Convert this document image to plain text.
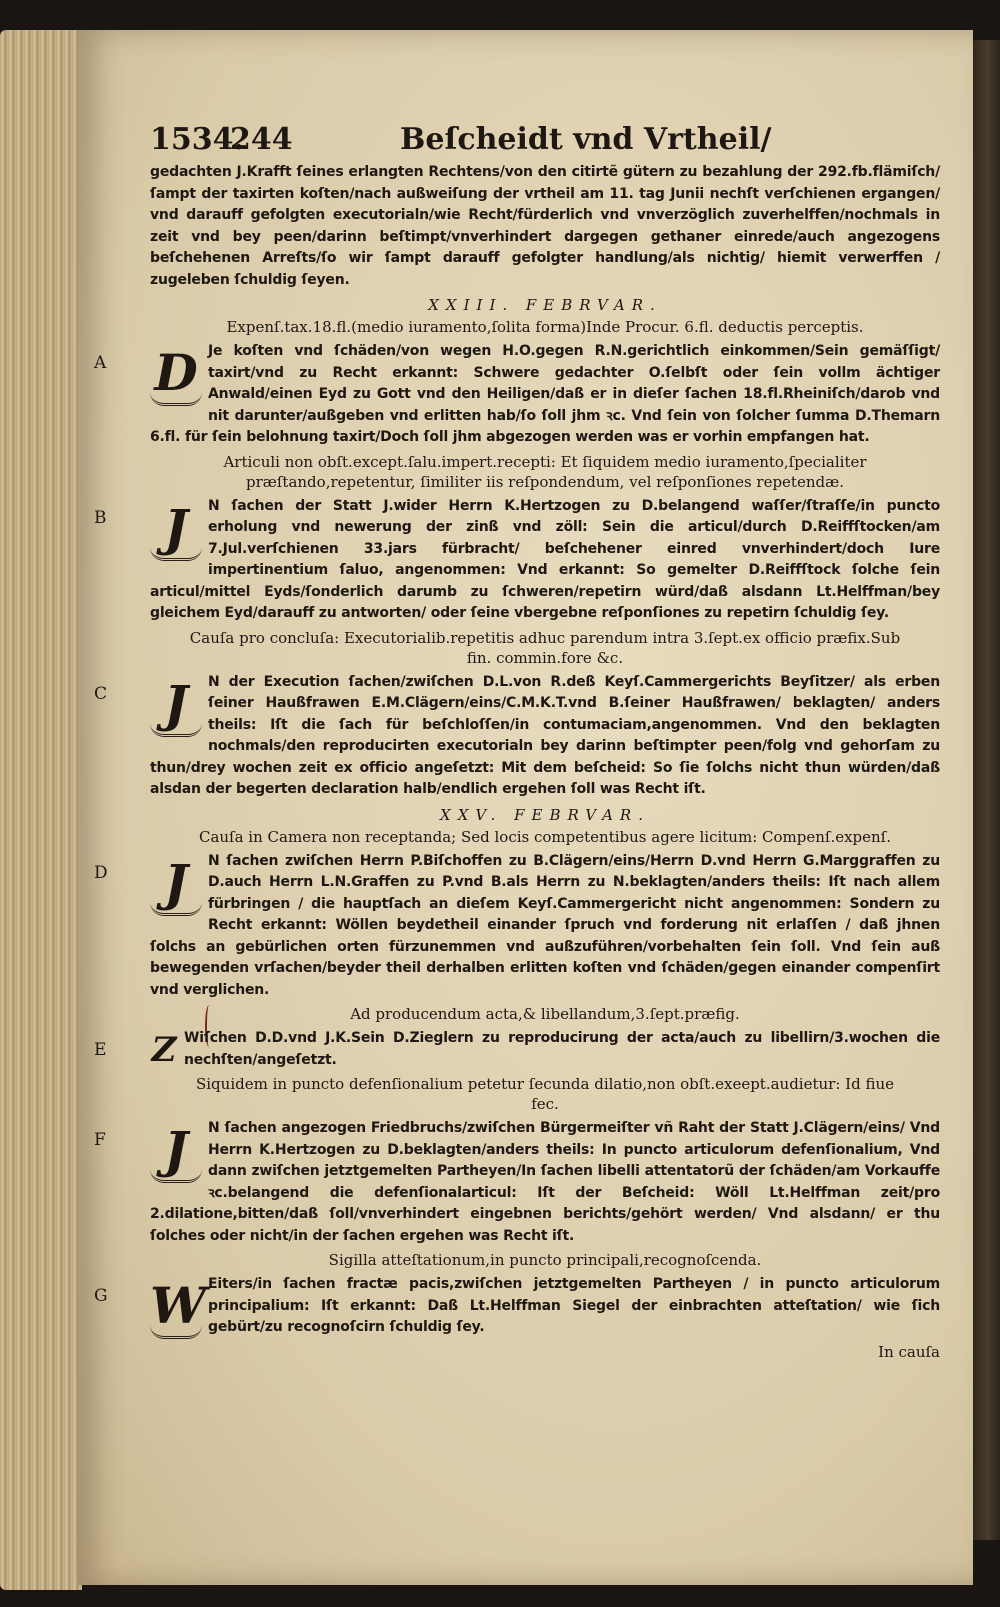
1534.
244	Beſcheidt vnd Vrtheil/

gedachten J.Krafft ſeines erlangten Rechtens/von den citirtẽ gütern zu bezahlung der 292.fb.flämiſch/ ſampt der taxirten koſten/nach außweiſung der vrtheil am 11. tag Junii nechſt verſchienen ergangen/ vnd darauff gefolgten executorialn/wie Recht/fürderlich vnd vnverzöglich zuverhelffen/nochmals in zeit vnd bey peen/darinn beſtimpt/vnverhindert dargegen gethaner einrede/auch angezogens beſchehenen Arreſts/ſo wir ſampt darauff gefolgter handlung/als nichtig/ hiemit verwerffen / zugeleben ſchuldig ſeyen.

XXIII. FEBRVAR.
Expenſ.tax.18.fl.(medio iuramento,ſolita forma)Inde Procur. 6.fl. deductis perceptis.
A D Je koſten vnd ſchäden/von wegen H.O.gegen R.N.gerichtlich einkommen/Sein gemäſſigt/ taxirt/vnd zu Recht erkannt: Schwere gedachter O.ſelbſt oder ſein vollm ächtiger Anwald/einen Eyd zu Gott vnd den Heiligen/daß er in dieſer ſachen 18.fl.Rheiniſch/darob vnd nit darunter/außgeben vnd erlitten hab/ſo ſoll jhm ꝛc. Vnd ſein von ſolcher ſumma D.Themarn 6.fl. für ſein belohnung taxirt/Doch ſoll jhm abgezogen werden was er vorhin empfangen hat.

Articuli non obſt.except.ſalu.impert.recepti: Et ſiquidem medio iuramento,ſpecialiter præſtando,repetentur, ſimiliter iis reſpondendum, vel reſponſiones repetendæ.
B J	N ſachen der Statt J.wider Herrn K.Hertzogen zu D.belangend waſſer/ſtraſſe/in puncto erholung vnd newerung der zinß vnd zöll: Sein die articul/durch D.Reiffſtocken/am 7.Jul.verſchienen 33.jars fürbracht/ beſchehener einred vnverhindert/doch Iure impertinentium ſaluo, angenommen: Vnd erkannt: So gemelter D.Reiffſtock ſolche ſein articul/mittel Eyds/ſonderlich darumb zu ſchweren/repetirn würd/daß alsdann Lt.Helffman/bey gleichem Eyd/darauff zu antworten/ oder ſeine vbergebne reſponſiones zu repetirn ſchuldig ſey.

Cauſa pro concluſa: Executorialib.repetitis adhuc parendum intra 3.ſept.ex officio præfix.Sub fin. commin.fore &c.
C J	N der Execution ſachen/zwiſchen D.L.von R.deß Keyſ.Cammergerichts Beyſitzer/ als erben ſeiner Haußfrawen E.M.Clägern/eins/C.M.K.T.vnd B.ſeiner Haußfrawen/ beklagten/ anders theils: Iſt die ſach für beſchloſſen/in contumaciam,angenommen. Vnd den beklagten nochmals/den reproducirten executorialn bey darinn beſtimpter peen/folg vnd gehorſam zu thun/drey wochen zeit ex officio angeſetzt: Mit dem beſcheid: So ſie ſolchs nicht thun würden/daß alsdan der begerten declaration halb/endlich ergehen ſoll was Recht iſt.

XXV. FEBRVAR.
Cauſa in Camera non receptanda; Sed locis competentibus agere licitum: Compenſ.expenſ.
D J	N ſachen zwiſchen Herrn P.Biſchoffen zu B.Clägern/eins/Herrn D.vnd Herrn G.Marggraffen zu D.auch Herrn L.N.Graffen zu P.vnd B.als Herrn zu N.beklagten/anders theils: Iſt nach allem fürbringen / die hauptſach an dieſem Keyſ.Cammergericht nicht angenommen: Sondern zu Recht erkannt: Wöllen beydetheil einander ſpruch vnd forderung nit erlaſſen / daß jhnen ſolchs an gebürlichen orten fürzunemmen vnd außzuführen/vorbehalten ſein ſoll. Vnd ſein auß bewegenden vrſachen/beyder theil derhalben erlitten koſten vnd ſchäden/gegen einander compenſirt vnd verglichen.

Ad producendum acta,& libellandum,3.ſept.præfig.
E Z Wiſchen D.D.vnd J.K.Sein D.Zieglern zu reproducirung der acta/auch zu libellirn/3.wochen die nechſten/angeſetzt.

Siquidem in puncto defenſionalium petetur ſecunda dilatio,non obſt.exeept.audietur: Id fiue fec.
F J	N ſachen angezogen Friedbruchs/zwiſchen Bürgermeiſter vñ Raht der Statt J.Clägern/eins/ Vnd Herrn K.Hertzogen zu D.beklagten/anders theils: In puncto articulorum defenſionalium, Vnd dann zwiſchen jetztgemelten Partheyen/In ſachen libelli attentatorũ der ſchäden/am Vorkauffe ꝛc.belangend die defenſionalarticul: Iſt der Beſcheid: Wöll Lt.Helffman zeit/pro 2.dilatione,bitten/daß ſoll/vnverhindert eingebnen berichts/gehört werden/ Vnd alsdann/ er thu ſolches oder nicht/in der ſachen ergehen was Recht iſt.

Sigilla atteſtationum,in puncto principali,recognoſcenda.
G W Eiters/in ſachen fractæ pacis,zwiſchen jetztgemelten Partheyen / in puncto articulorum principalium: Iſt erkannt: Daß Lt.Helffman Siegel der einbrachten atteſtation/ wie ſich gebürt/zu recognoſcirn ſchuldig ſey.

In cauſa
